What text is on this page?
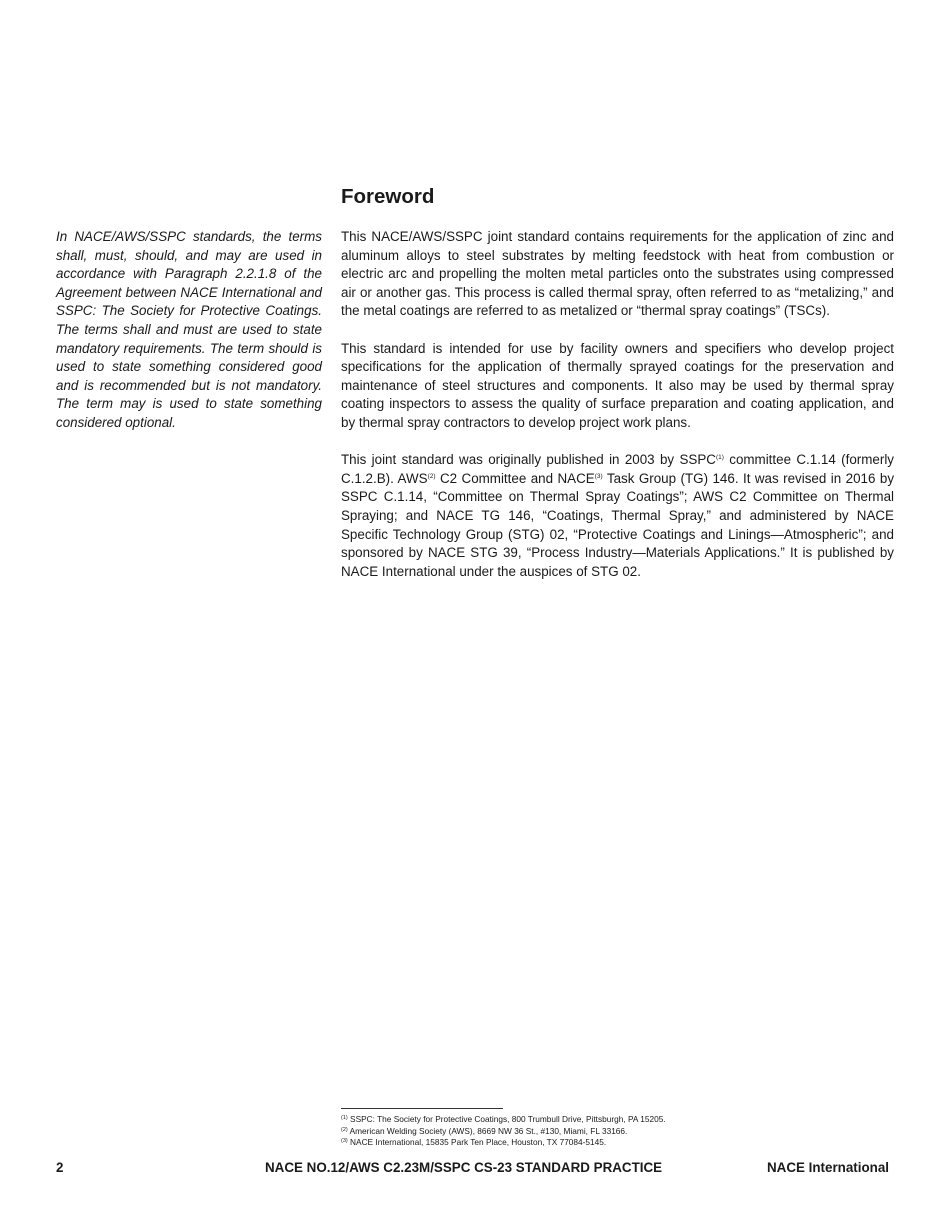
In NACE/AWS/SSPC standards, the terms shall, must, should, and may are used in accordance with Paragraph 2.2.1.8 of the Agreement between NACE International and SSPC: The Society for Protective Coatings. The terms shall and must are used to state mandatory requirements. The term should is used to state something considered good and is recommended but is not mandatory. The term may is used to state something considered optional.

Foreword

This NACE/AWS/SSPC joint standard contains requirements for the application of zinc and aluminum alloys to steel substrates by melting feedstock with heat from combustion or electric arc and propelling the molten metal particles onto the substrates using compressed air or another gas. This process is called thermal spray, often referred to as “metalizing,” and the metal coatings are referred to as metalized or “thermal spray coatings” (TSCs).

This standard is intended for use by facility owners and specifiers who develop project specifications for the application of thermally sprayed coatings for the preservation and maintenance of steel structures and components. It also may be used by thermal spray coating inspectors to assess the quality of surface preparation and coating application, and by thermal spray contractors to develop project work plans.

This joint standard was originally published in 2003 by SSPC$^{(1)}$ committee C.1.14 (formerly C.1.2.B). AWS$^{(2)}$ C2 Committee and NACE$^{(3)}$ Task Group (TG) 146. It was revised in 2016 by SSPC C.1.14, “Committee on Thermal Spray Coatings”; AWS C2 Committee on Thermal Spraying; and NACE TG 146, “Coatings, Thermal Spray,” and administered by NACE Specific Technology Group (STG) 02, “Protective Coatings and Linings—Atmospheric”; and sponsored by NACE STG 39, “Process Industry—Materials Applications.” It is published by NACE International under the auspices of STG 02.

$^{(1)}$ SSPC: The Society for Protective Coatings, 800 Trumbull Drive, Pittsburgh, PA 15205.

$^{(2)}$ American Welding Society (AWS), 8669 NW 36 St., #130, Miami, FL 33166.

$^{(3)}$ NACE International, 15835 Park Ten Place, Houston, TX 77084-5145.

2	NACE NO.12/AWS C2.23M/SSPC CS-23 STANDARD PRACTICE	NACE International
